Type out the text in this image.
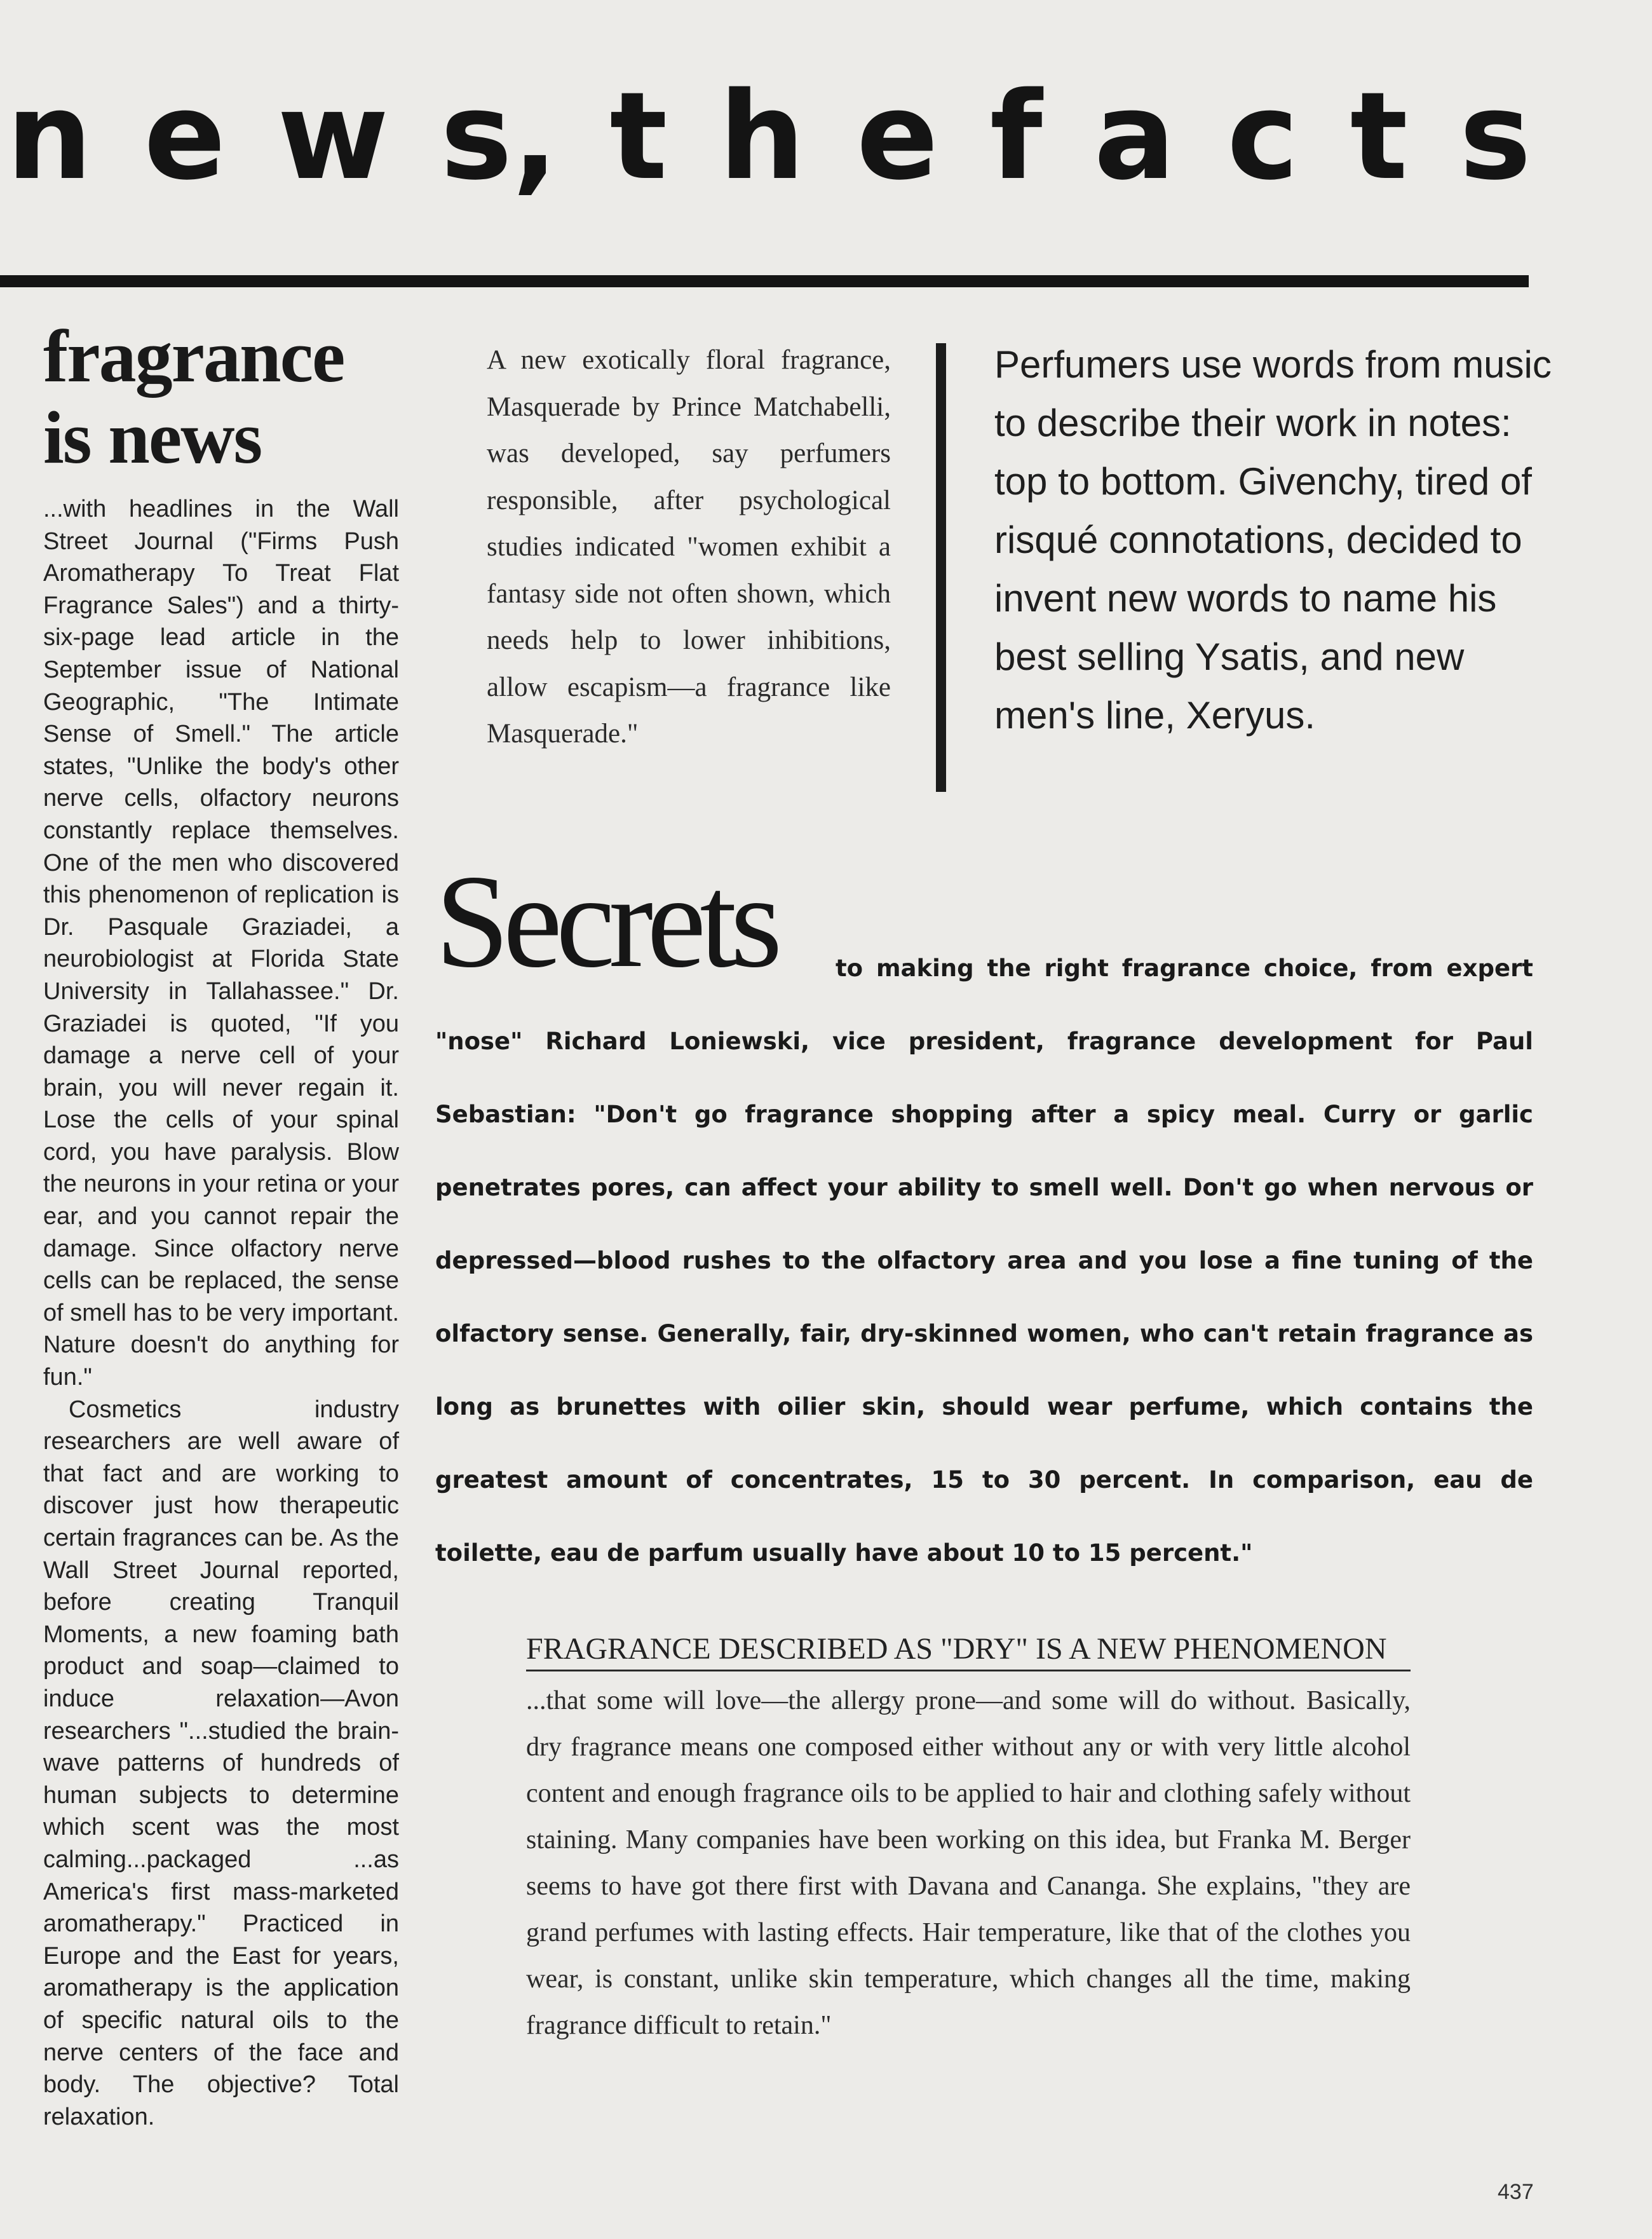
n e w s, t h e f a c t s
fragrance
is news

...with headlines in the Wall Street Journal ("Firms Push Aromatherapy To Treat Flat Fragrance Sales") and a thirty-six-page lead article in the September issue of National Geographic, "The Intimate Sense of Smell." The article states, "Unlike the body's other nerve cells, olfactory neurons constantly replace themselves. One of the men who discovered this phenomenon of replication is Dr. Pasquale Graziadei, a neurobiologist at Florida State University in Tallahassee." Dr. Graziadei is quoted, "If you damage a nerve cell of your brain, you will never regain it. Lose the cells of your spinal cord, you have paralysis. Blow the neurons in your retina or your ear, and you cannot repair the damage. Since olfactory nerve cells can be replaced, the sense of smell has to be very important. Nature doesn't do anything for fun."

Cosmetics industry researchers are well aware of that fact and are working to discover just how therapeutic certain fragrances can be. As the Wall Street Journal reported, before creating Tranquil Moments, a new foaming bath product and soap—claimed to induce relaxation—Avon researchers "...studied the brain-wave patterns of hundreds of human subjects to determine which scent was the most calming...packaged ...as America's first mass-marketed aromatherapy." Practiced in Europe and the East for years, aromatherapy is the application of specific natural oils to the nerve centers of the face and body. The objective? Total relaxation.

A new exotically floral fragrance, Masquerade by Prince Matchabelli, was developed, say perfumers responsible, after psychological studies indicated "women exhibit a fantasy side not often shown, which needs help to lower inhibitions, allow escapism—a fragrance like Masquerade."

Perfumers use words from music to describe their work in notes: top to bottom. Givenchy, tired of risqué connotations, decided to invent new words to name his best selling Ysatis, and new men's line, Xeryus.

Secrets	to making the right fragrance choice, from expert "nose" Richard Loniewski, vice president, fragrance development for Paul Sebastian: "Don't go fragrance shopping after a spicy meal. Curry or garlic penetrates pores, can affect your ability to smell well. Don't go when nervous or depressed—blood rushes to the olfactory area and you lose a fine tuning of the olfactory sense. Generally, fair, dry-skinned women, who can't retain fragrance as long as brunettes with oilier skin, should wear perfume, which contains the greatest amount of concentrates, 15 to 30 percent. In comparison, eau de toilette, eau de parfum usually have about 10 to 15 percent."

FRAGRANCE DESCRIBED AS "DRY" IS A NEW PHENOMENON

...that some will love—the allergy prone—and some will do without. Basically, dry fragrance means one composed either without any or with very little alcohol content and enough fragrance oils to be applied to hair and clothing safely without staining. Many companies have been working on this idea, but Franka M. Berger seems to have got there first with Davana and Cananga. She explains, "they are grand perfumes with lasting effects. Hair temperature, like that of the clothes you wear, is constant, unlike skin temperature, which changes all the time, making fragrance difficult to retain."

437
